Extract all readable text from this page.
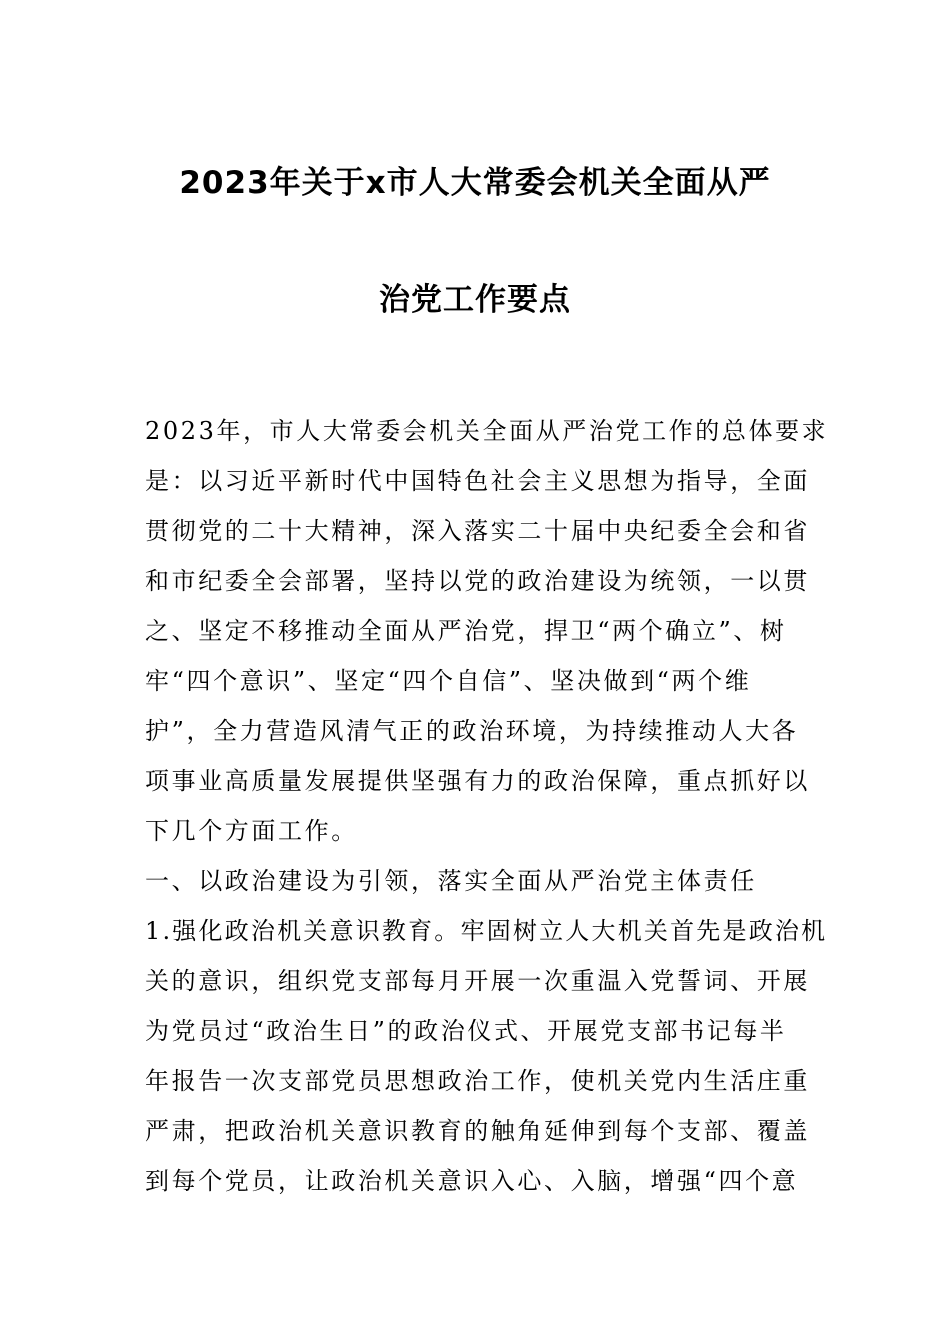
2023年关于x市人大常委会机关全面从严
治党工作要点
2023年，市人大常委会机关全面从严治党工作的总体要求
是：以习近平新时代中国特色社会主义思想为指导，全面
贯彻党的二十大精神，深入落实二十届中央纪委全会和省
和市纪委全会部署，坚持以党的政治建设为统领，一以贯
之、坚定不移推动全面从严治党，捍卫“两个确立”、树
牢“四个意识”、坚定“四个自信”、坚决做到“两个维
护”，全力营造风清气正的政治环境，为持续推动人大各
项事业高质量发展提供坚强有力的政治保障，重点抓好以
下几个方面工作。
一、以政治建设为引领，落实全面从严治党主体责任
1.强化政治机关意识教育。牢固树立人大机关首先是政治机
关的意识，组织党支部每月开展一次重温入党誓词、开展
为党员过“政治生日”的政治仪式、开展党支部书记每半
年报告一次支部党员思想政治工作，使机关党内生活庄重
严肃，把政治机关意识教育的触角延伸到每个支部、覆盖
到每个党员，让政治机关意识入心、入脑，增强“四个意
